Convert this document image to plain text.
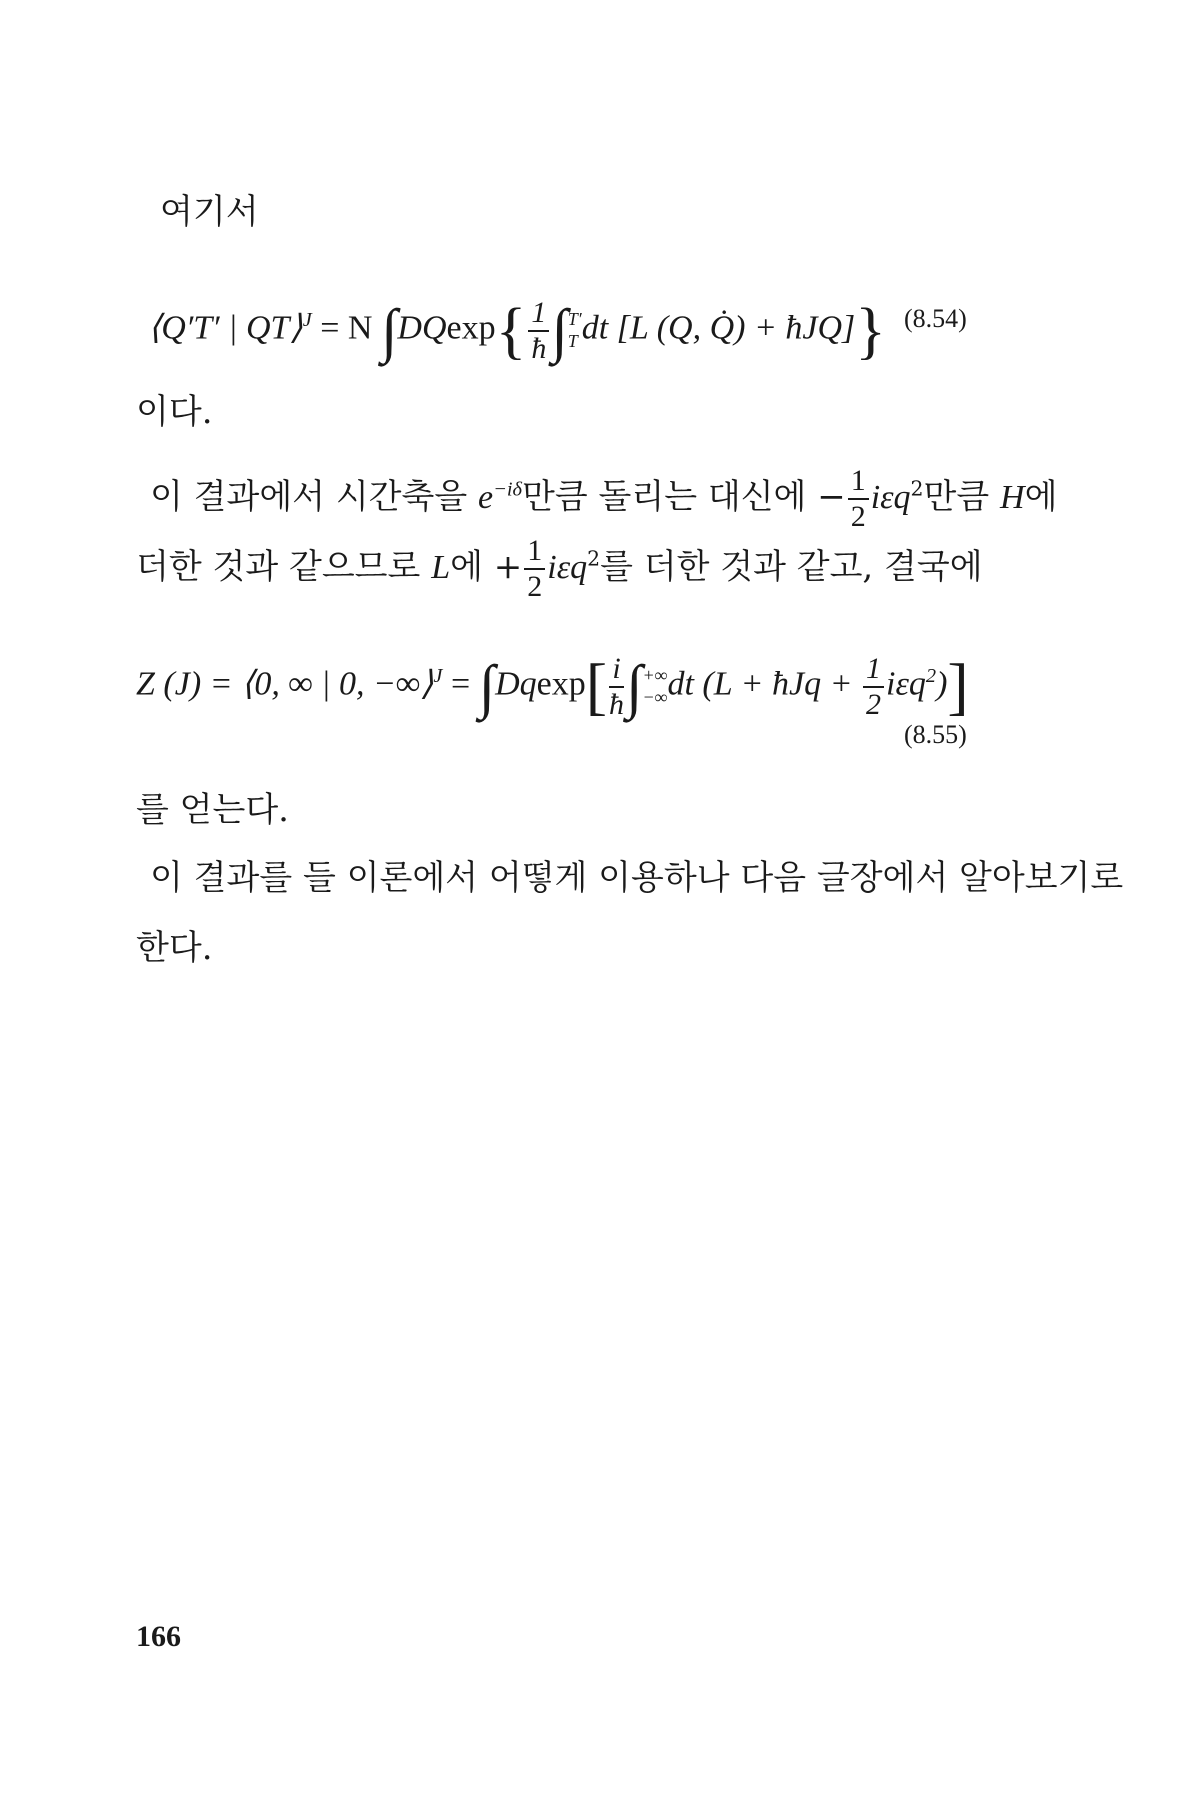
여기서

⟨Q′T′ | QT⟩$^J$ = N $\int DQexp\{ \frac{1}{ħ}$ ∫ T′
T dt [L (Q, Q̇) + ħJQ]} (8.54)

이다.

이 결과에서 시간축을 $e^{-i\delta}$만큼 돌리는 대신에 − $\frac{1}{2} i\varepsilon q^2$만큼 H에

더한 것과 같으므로 L에 + $\frac{1}{2} i\varepsilon q^2$를 더한 것과 같고, 결국에

Z (J) = ⟨0, ∞ | 0, −∞⟩$^J$ = $\int Dqexp[ \frac{i}{ħ}$ ∫ +∞
−∞ dt (L + ħJq + $\frac{1}{2} i\varepsilon q^2$)]
(8.55)

를 얻는다.

이 결과를 들 이론에서 어떻게 이용하나 다음 글장에서 알아보기로

한다.

166
